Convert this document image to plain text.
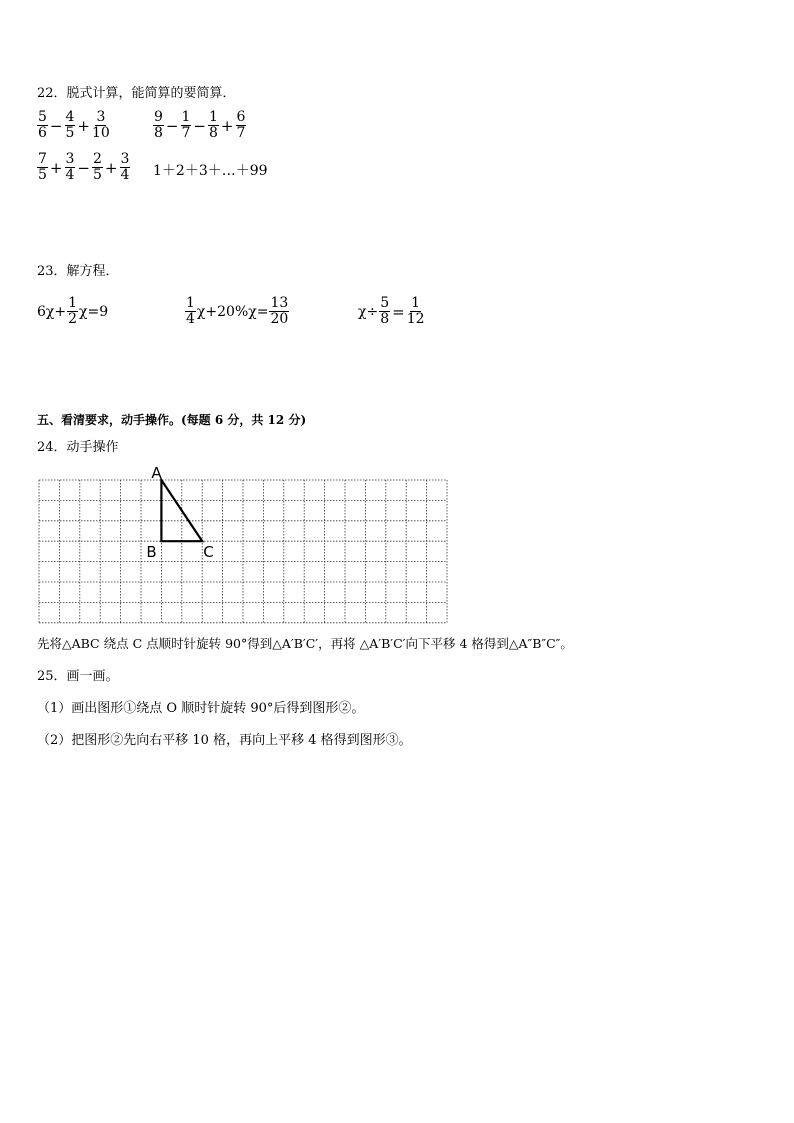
22．脱式计算，能简算的要简算．
$\frac{5}{6} - \frac{4}{5} + \frac{3}{10}$	$\frac{9}{8} - \frac{1}{7} - \frac{1}{8} + \frac{6}{7}$
$\frac{7}{5} + \frac{3}{4} - \frac{2}{5} + \frac{3}{4}$ 1＋2＋3＋…＋99
23．解方程．
$6\chi+ \frac{1}{2} \chi=9$	$\frac{1}{4} \chi+20\%\chi= \frac{13}{20}$	$\chi\div \frac{5}{8} = \frac{1}{12}$
五、看清要求，动手操作。(每题 6 分，共 12 分)
24．动手操作
A
B	C
先将△ABC 绕点 C 点顺时针旋转 90°得到△A′B′C′，再将 △A′B′C′向下平移 4 格得到△A″B″C″。
25．画一画。
（1）画出图形①绕点 O 顺时针旋转 90°后得到图形②。
（2）把图形②先向右平移 10 格，再向上平移 4 格得到图形③。
